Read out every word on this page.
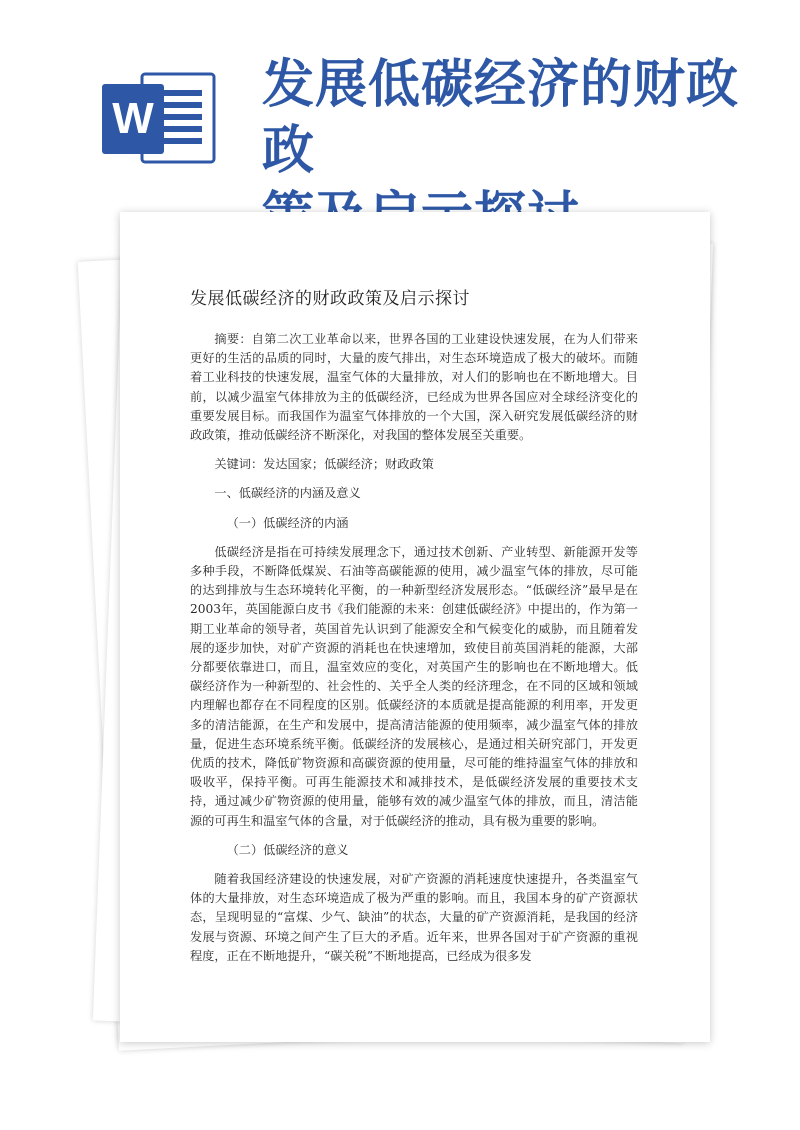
W
发展低碳经济的财政政
发展低碳经济的财政政策及启示探讨

摘要：自第二次工业革命以来，世界各国的工业建设快速发展，在为人们带来更好的生活的品质的同时，大量的废气排出，对生态环境造成了极大的破坏。而随着工业科技的快速发展，温室气体的大量排放，对人们的影响也在不断地增大。目前，以减少温室气体排放为主的低碳经济，已经成为世界各国应对全球经济变化的重要发展目标。而我国作为温室气体排放的一个大国，深入研究发展低碳经济的财政政策，推动低碳经济不断深化，对我国的整体发展至关重要。

关键词：发达国家；低碳经济；财政政策

一、低碳经济的内涵及意义

（一）低碳经济的内涵

低碳经济是指在可持续发展理念下，通过技术创新、产业转型、新能源开发等多种手段，不断降低煤炭、石油等高碳能源的使用，减少温室气体的排放，尽可能的达到排放与生态环境转化平衡，的一种新型经济发展形态。“低碳经济”最早是在2003年，英国能源白皮书《我们能源的未来：创建低碳经济》中提出的，作为第一期工业革命的领导者，英国首先认识到了能源安全和气候变化的威胁，而且随着发展的逐步加快，对矿产资源的消耗也在快速增加，致使目前英国消耗的能源，大部分都要依靠进口，而且，温室效应的变化，对英国产生的影响也在不断地增大。低碳经济作为一种新型的、社会性的、关乎全人类的经济理念，在不同的区域和领域内理解也都存在不同程度的区别。低碳经济的本质就是提高能源的利用率，开发更多的清洁能源，在生产和发展中，提高清洁能源的使用频率，减少温室气体的排放量，促进生态环境系统平衡。低碳经济的发展核心，是通过相关研究部门，开发更优质的技术，降低矿物资源和高碳资源的使用量，尽可能的维持温室气体的排放和吸收平，保持平衡。可再生能源技术和减排技术，是低碳经济发展的重要技术支持，通过减少矿物资源的使用量，能够有效的减少温室气体的排放，而且，清洁能源的可再生和温室气体的含量，对于低碳经济的推动，具有极为重要的影响。

（二）低碳经济的意义

随着我国经济建设的快速发展，对矿产资源的消耗速度快速提升，各类温室气体的大量排放，对生态环境造成了极为严重的影响。而且，我国本身的矿产资源状态，呈现明显的“富煤、少气、缺油”的状态，大量的矿产资源消耗，是我国的经济发展与资源、环境之间产生了巨大的矛盾。近年来，世界各国对于矿产资源的重视程度，正在不断地提升，“碳关税”不断地提高，已经成为很多发
